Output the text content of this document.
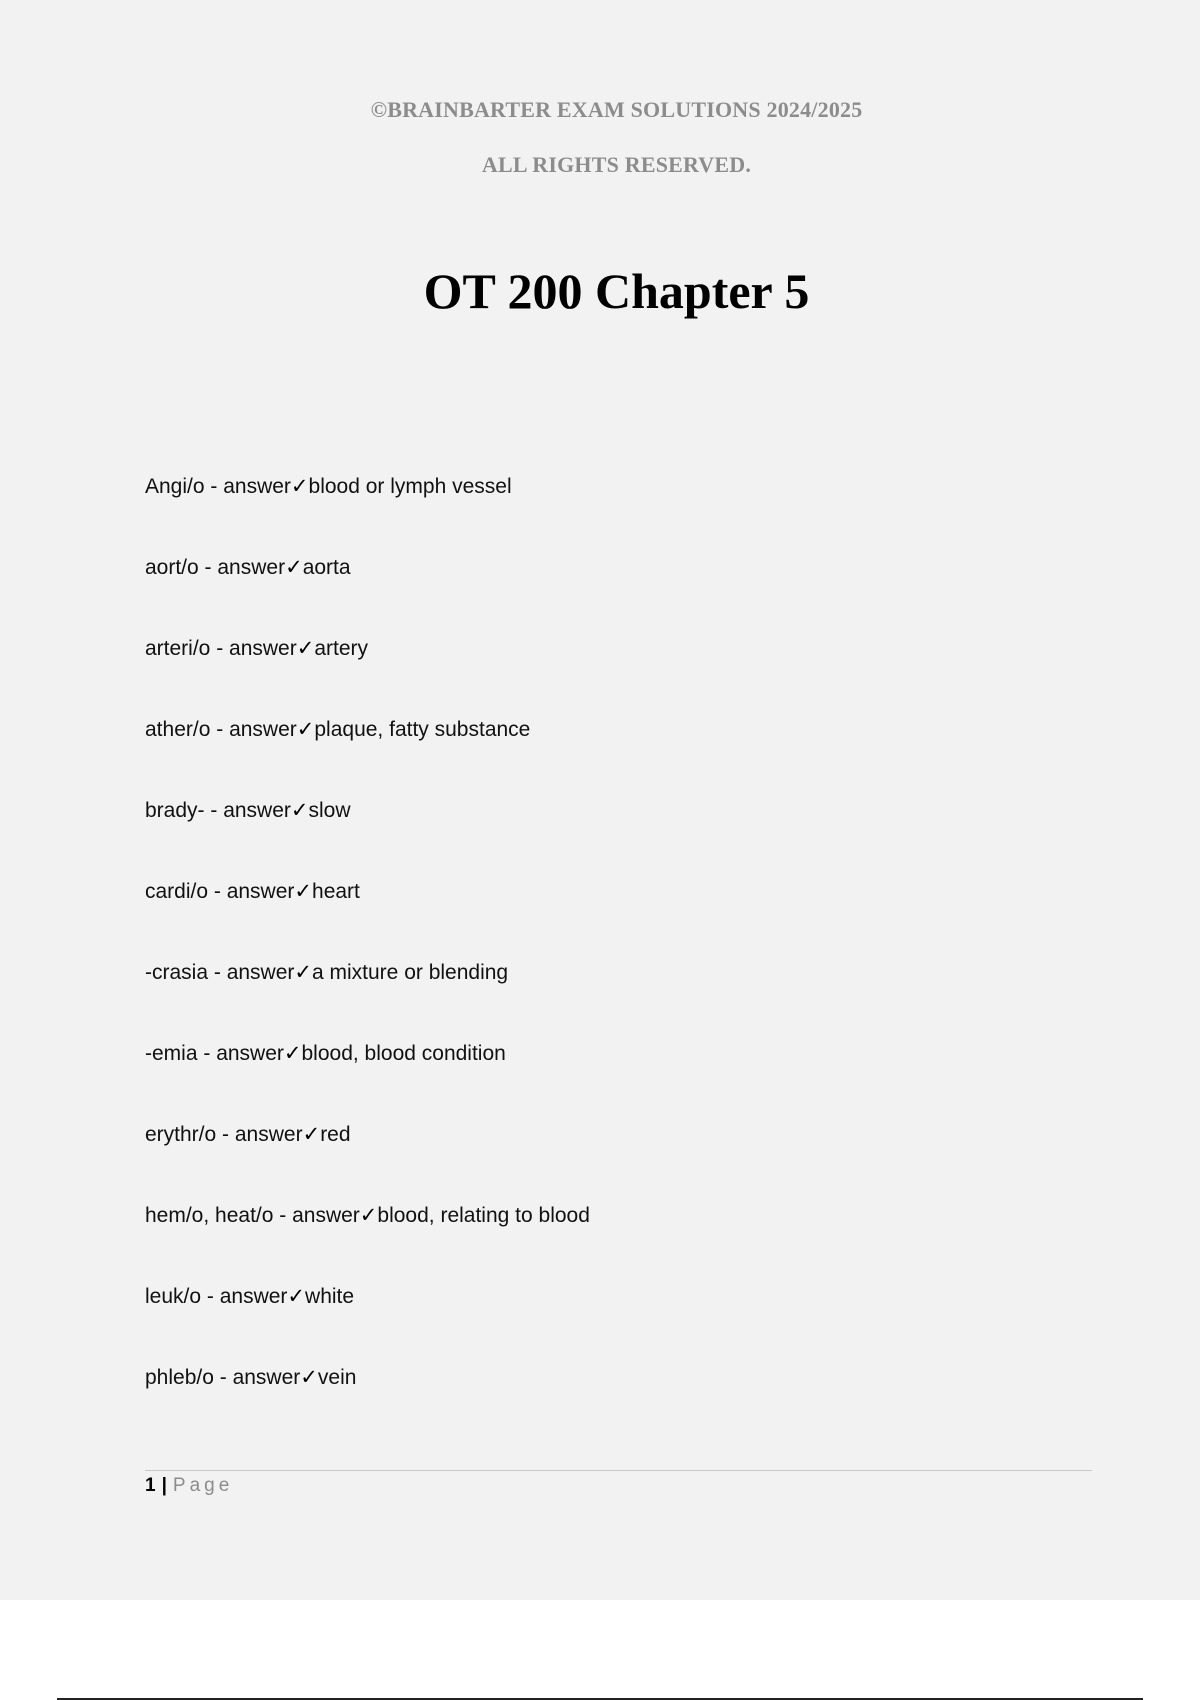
©BRAINBARTER EXAM SOLUTIONS 2024/2025
ALL RIGHTS RESERVED.
OT 200 Chapter 5
Angi/o - answer✓blood or lymph vessel
aort/o - answer✓aorta
arteri/o - answer✓artery
ather/o - answer✓plaque, fatty substance
brady- - answer✓slow
cardi/o - answer✓heart
-crasia - answer✓a mixture or blending
-emia - answer✓blood, blood condition
erythr/o - answer✓red
hem/o, heat/o - answer✓blood, relating to blood
leuk/o - answer✓white
phleb/o - answer✓vein
1 | Page
